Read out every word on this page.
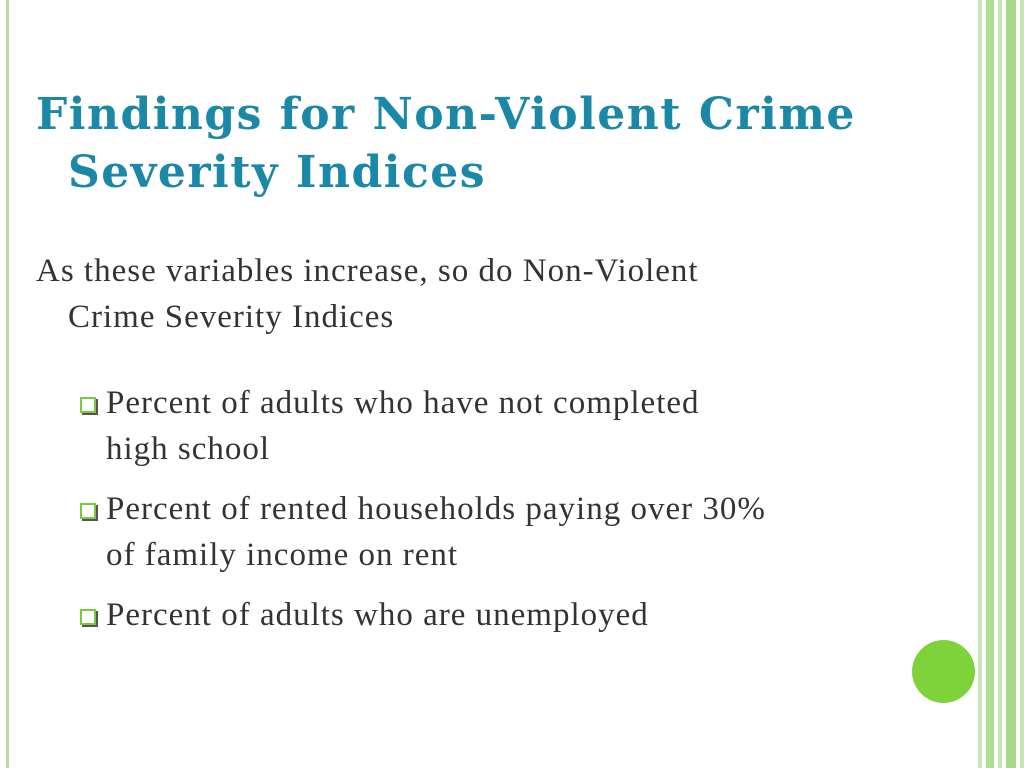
Findings for Non-Violent Crime
Severity Indices
As these variables increase, so do Non-Violent
Crime Severity Indices
Percent of adults who have not completed
high school
Percent of rented households paying over 30%
of family income on rent
Percent of adults who are unemployed
